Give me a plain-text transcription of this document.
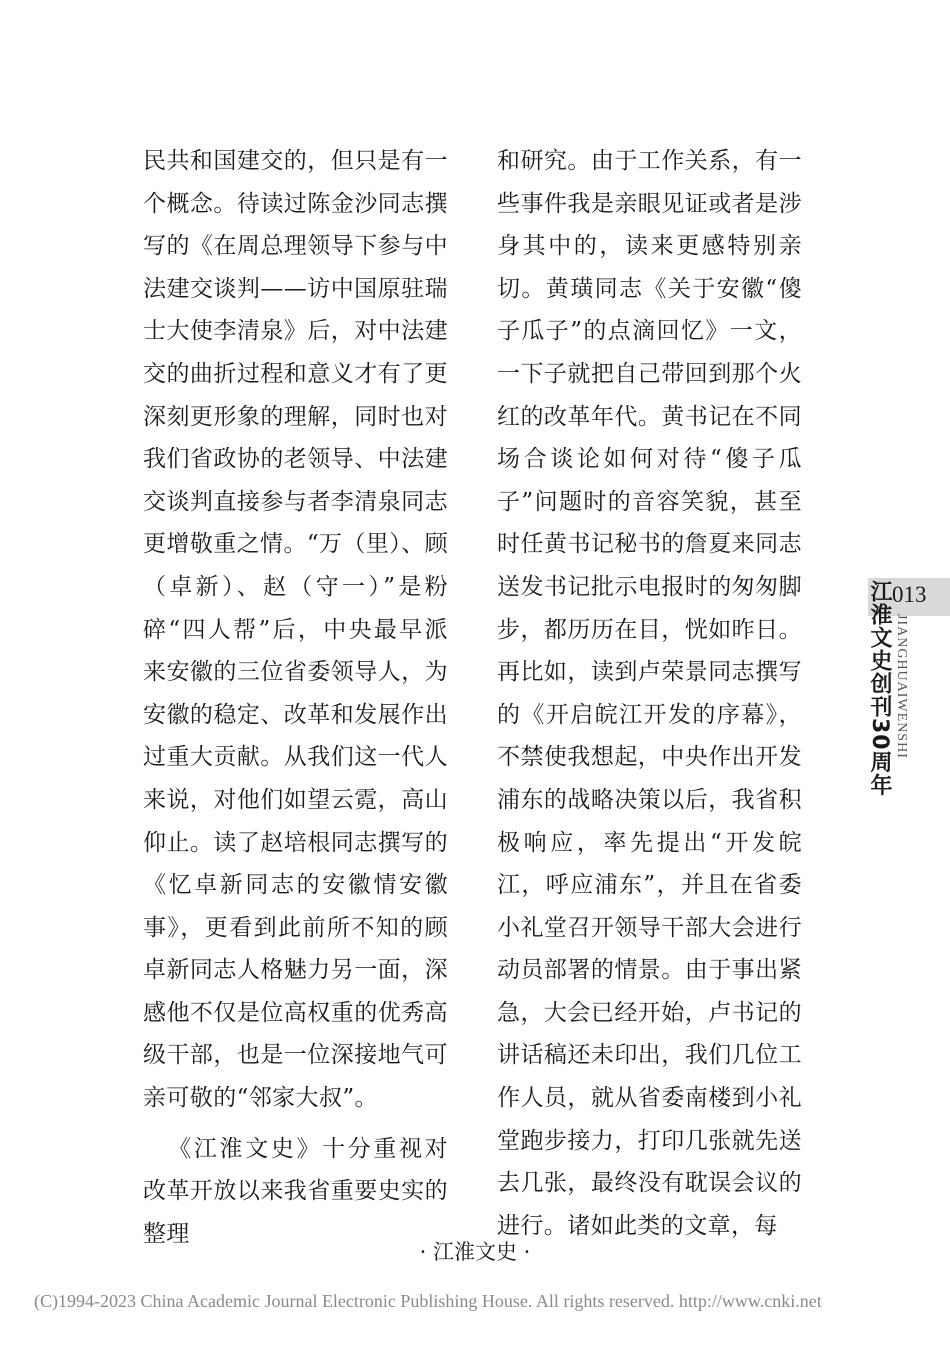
民共和国建交的，但只是有一个概念。待读过陈金沙同志撰写的《在周总理领导下参与中法建交谈判——访中国原驻瑞士大使李清泉》后，对中法建交的曲折过程和意义才有了更深刻更形象的理解，同时也对我们省政协的老领导、中法建交谈判直接参与者李清泉同志更增敬重之情。“万（里）、顾（卓新）、赵（守一）”是粉碎“四人帮”后，中央最早派来安徽的三位省委领导人，为安徽的稳定、改革和发展作出过重大贡献。从我们这一代人来说，对他们如望云霓，高山仰止。读了赵培根同志撰写的《忆卓新同志的安徽情安徽事》，更看到此前所不知的顾卓新同志人格魅力另一面，深感他不仅是位高权重的优秀高级干部，也是一位深接地气可亲可敬的“邻家大叔”。

《江淮文史》十分重视对改革开放以来我省重要史实的整理

和研究。由于工作关系，有一些事件我是亲眼见证或者是涉身其中的，读来更感特别亲切。黄璜同志《关于安徽“傻子瓜子”的点滴回忆》一文，一下子就把自己带回到那个火红的改革年代。黄书记在不同场合谈论如何对待“傻子瓜子”问题时的音容笑貌，甚至时任黄书记秘书的詹夏来同志送发书记批示电报时的匆匆脚步，都历历在目，恍如昨日。再比如，读到卢荣景同志撰写的《开启皖江开发的序幕》，不禁使我想起，中央作出开发浦东的战略决策以后，我省积极响应，率先提出“开发皖江，呼应浦东”，并且在省委小礼堂召开领导干部大会进行动员部署的情景。由于事出紧急，大会已经开始，卢书记的讲话稿还未印出，我们几位工作人员，就从省委南楼到小礼堂跑步接力，打印几张就先送去几张，最终没有耽误会议的进行。诸如此类的文章，每

江淮文史创刊30周年 013
JIANGHUAIWENSHI
· 江淮文史 ·
(C)1994-2023 China Academic Journal Electronic Publishing House. All rights reserved. http://www.cnki.net
